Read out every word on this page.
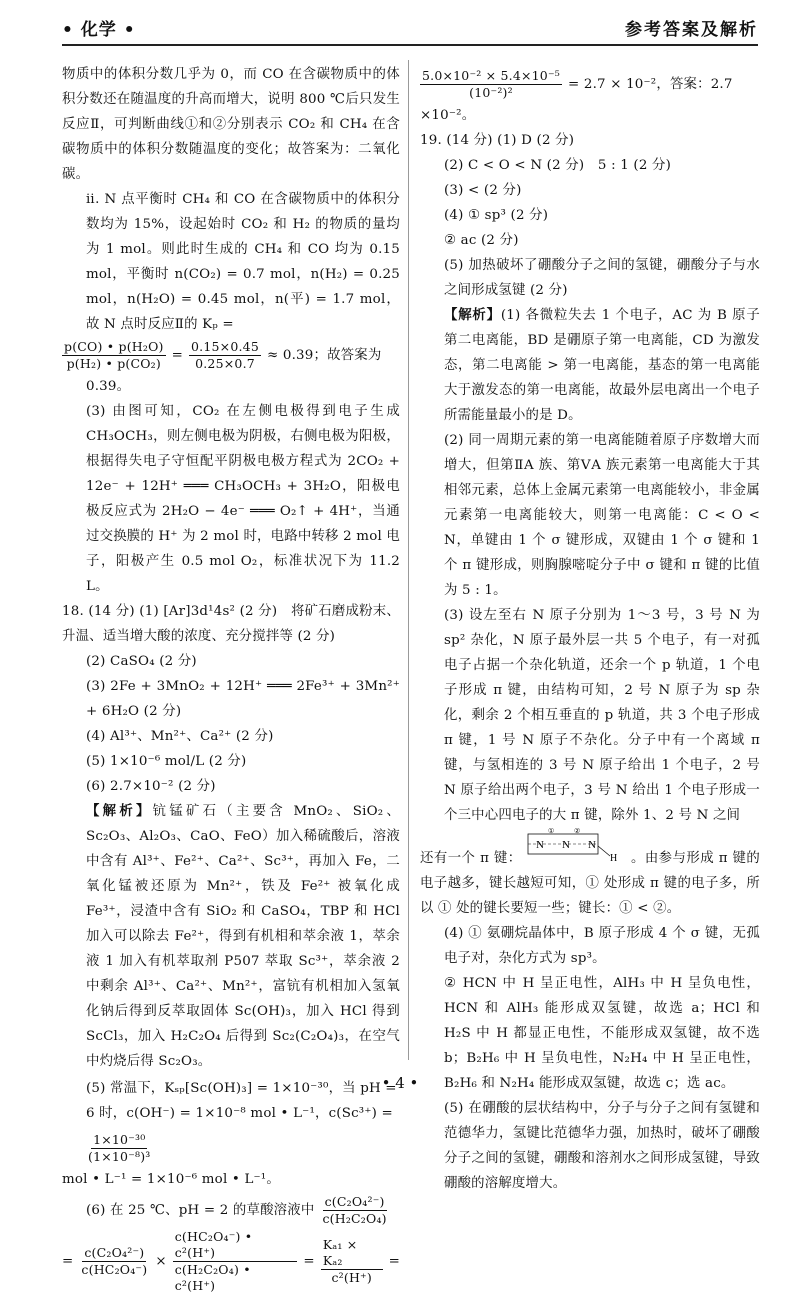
• 化学 •	参考答案及解析

物质中的体积分数几乎为 0，而 CO 在含碳物质中的体积分数还在随温度的升高而增大，说明 800 ℃后只发生反应Ⅱ，可判断曲线①和②分别表示 CO₂ 和 CH₄ 在含碳物质中的体积分数随温度的变化；故答案为：二氧化碳。

ⅱ. N 点平衡时 CH₄ 和 CO 在含碳物质中的体积分数均为 15%，设起始时 CO₂ 和 H₂ 的物质的量均为 1 mol。则此时生成的 CH₄ 和 CO 均为 0.15 mol，平衡时 n(CO₂) = 0.7 mol，n(H₂) = 0.25 mol，n(H₂O) = 0.45 mol，n(平) = 1.7 mol，故 N 点时反应Ⅱ的 Kₚ =

$\frac{\text{p(CO) • p(H₂O)}}{\text{p(H₂) • p(CO₂)}} = \frac{0.15\times 0.45}{0.25\times 0.7} \approx 0.39$；故答案为

0.39。

(3) 由图可知，CO₂ 在左侧电极得到电子生成 CH₃OCH₃，则左侧电极为阴极，右侧电极为阳极，根据得失电子守恒配平阴极电极方程式为 2CO₂ + 12e⁻ + 12H⁺ ═══ CH₃OCH₃ + 3H₂O，阳极电极反应式为 2H₂O − 4e⁻ ═══ O₂↑ + 4H⁺，当通过交换膜的 H⁺ 为 2 mol 时，电路中转移 2 mol 电子，阳极产生 0.5 mol O₂，标准状况下为 11.2 L。

18. (14 分) (1) [Ar]3d¹4s² (2 分)　将矿石磨成粉末、升温、适当增大酸的浓度、充分搅拌等 (2 分)

(2) CaSO₄ (2 分)

(3) 2Fe + 3MnO₂ + 12H⁺ ═══ 2Fe³⁺ + 3Mn²⁺ + 6H₂O (2 分)

(4) Al³⁺、Mn²⁺、Ca²⁺ (2 分)

(5) 1×10⁻⁶ mol/L (2 分)

(6) 2.7×10⁻² (2 分)

【解析】钪锰矿石（主要含 MnO₂、SiO₂、Sc₂O₃、Al₂O₃、CaO、FeO）加入稀硫酸后，溶液中含有 Al³⁺、Fe²⁺、Ca²⁺、Sc³⁺，再加入 Fe，二氧化锰被还原为 Mn²⁺，铁及 Fe²⁺ 被氧化成 Fe³⁺，浸渣中含有 SiO₂ 和 CaSO₄，TBP 和 HCl 加入可以除去 Fe²⁺，得到有机相和萃余液 1，萃余液 1 加入有机萃取剂 P507 萃取 Sc³⁺，萃余液 2 中剩余 Al³⁺、Ca²⁺、Mn²⁺，富钪有机相加入氢氧化钠后得到反萃取固体 Sc(OH)₃，加入 HCl 得到 ScCl₃，加入 H₂C₂O₄ 后得到 Sc₂(C₂O₄)₃，在空气中灼烧后得 Sc₂O₃。

(5) 常温下，Kₛₚ[Sc(OH)₃] = 1×10⁻³⁰，当 pH = 6 时，c(OH⁻) = 1×10⁻⁸ mol • L⁻¹，c(Sc³⁺) =
$\frac{\text{1×10⁻³⁰}}{\text{(1×10⁻⁸)³}}$

mol • L⁻¹ = 1×10⁻⁶ mol • L⁻¹。

(6) 在 25 ℃、pH = 2 的草酸溶液中 $\frac{\text{c(C₂O₄²⁻)}}{\text{c(H₂C₂O₄)}}$
= $\frac{\text{c(C₂O₄²⁻)}}{\text{c(HC₂O₄⁻)}} \times \frac{\text{c(HC₂O₄⁻) • c²(H⁺)}}{\text{c(H₂C₂O₄) • c²(H⁺)}} = \frac{\text{Kₐ₁ × Kₐ₂}}{\text{c²(H⁺)}}$ =
$\frac{\text{5.0×10⁻² × 5.4×10⁻⁵}}{\text{(10⁻²)²}} = 2.7 \times 10^{-2}$，答案：2.7

×10⁻²。

19. (14 分) (1) D (2 分)

(2) C < O < N (2 分)　5 : 1 (2 分)

(3) < (2 分)

(4) ① sp³ (2 分)

② ac (2 分)

(5) 加热破坏了硼酸分子之间的氢键，硼酸分子与水之间形成氢键 (2 分)

【解析】(1) 各微粒失去 1 个电子，AC 为 B 原子第二电离能，BD 是硼原子第一电离能，CD 为激发态，第二电离能 > 第一电离能，基态的第一电离能大于激发态的第一电离能，故最外层电离出一个电子所需能量最小的是 D。

(2) 同一周期元素的第一电离能随着原子序数增大而增大，但第ⅡA 族、第ⅤA 族元素第一电离能大于其相邻元素，总体上金属元素第一电离能较小，非金属元素第一电离能较大，则第一电离能：C < O < N，单键由 1 个 σ 键形成，双键由 1 个 σ 键和 1 个 π 键形成，则胸腺嘧啶分子中 σ 键和 π 键的比值为 5 : 1。

(3) 设左至右 N 原子分别为 1～3 号，3 号 N 为 sp² 杂化，N 原子最外层一共 5 个电子，有一对孤电子占据一个杂化轨道，还余一个 p 轨道，1 个电子形成 π 键，由结构可知，2 号 N 原子为 sp 杂化，剩余 2 个相互垂直的 p 轨道，共 3 个电子形成 π 键，1 号 N 原子不杂化。分子中有一个离域 π 键，与氢相连的 3 号 N 原子给出 1 个电子，2 号 N 原子给出两个电子，3 号 N 给出 1 个电子形成一个三中心四电子的大 π 键，除外 1、2 号 N 之间

还有一个 π 键：
N N N
①	②
H 。由参与形成 π 键的电子越多，键长越短可知，① 处形成 π 键的电子多，所以 ① 处的键长要短一些；键长：① < ②。

(4) ① 氨硼烷晶体中，B 原子形成 4 个 σ 键，无孤电子对，杂化方式为 sp³。

② HCN 中 H 呈正电性，AlH₃ 中 H 呈负电性，HCN 和 AlH₃ 能形成双氢键，故选 a；HCl 和 H₂S 中 H 都显正电性，不能形成双氢键，故不选 b；B₂H₆ 中 H 呈负电性，N₂H₄ 中 H 呈正电性，B₂H₆ 和 N₂H₄ 能形成双氢键，故选 c；选 ac。

(5) 在硼酸的层状结构中，分子与分子之间有氢键和范德华力，氢键比范德华力强，加热时，破坏了硼酸分子之间的氢键，硼酸和溶剂水之间形成氢键，导致硼酸的溶解度增大。

• 4 •
